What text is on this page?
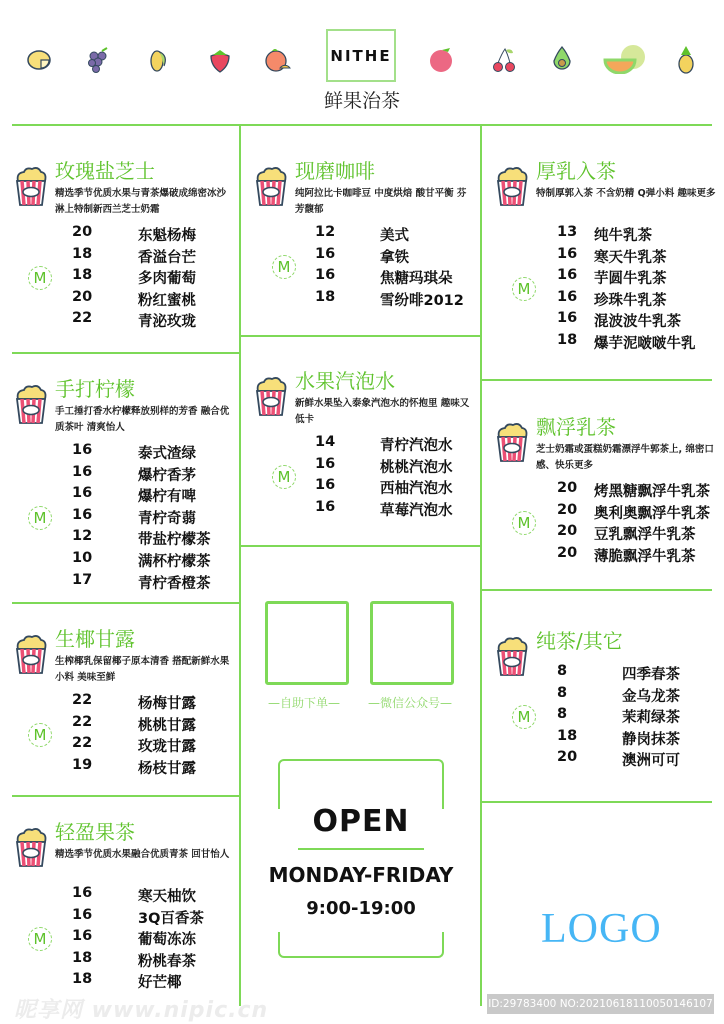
NITHE
鲜果治茶
玫瑰盐芝士
精选季节优质水果与青茶爆破成绵密冰沙 淋上特制新西兰芝士奶霜
20	东魁杨梅
18	香溢台芒
18	多肉葡萄
20	粉红蜜桃
22	青泌玫珑
M
手打柠檬
手工捶打香水柠檬释放别样的芳香 融合优质茶叶 清爽怡人
16	泰式渣绿
16	爆柠香茅
16	爆柠有啤
16	青柠奇蒻
12	带盐柠檬茶
10	满杯柠檬茶
17	青柠香橙茶
M
生椰甘露
生榨椰乳保留椰子原本清香 搭配新鲜水果小料 美味至鲜
22	杨梅甘露
22	桃桃甘露
22	玫珑甘露
19	杨枝甘露
M
轻盈果茶
精选季节优质水果融合优质青茶 回甘怡人
16	寒天柚饮
16	3Q百香茶
16	葡萄冻冻
18	粉桃春茶
18	好芒椰
M
现磨咖啡
纯阿拉比卡咖啡豆 中度烘焙 酸甘平衡 芬芳馥郁
12	美式
16	拿铁
16	焦糖玛琪朵
18	雪纷啡2012
M
水果汽泡水
新鲜水果坠入泰象汽泡水的怀抱里 趣味又低卡
14	青柠汽泡水
16	桃桃汽泡水
16	西柚汽泡水
16	草莓汽泡水
M
厚乳入茶
特制厚郭入茶 不含奶精 Q弹小料 趣味更多
13 纯牛乳茶
16 寒天牛乳茶
16 芋圆牛乳茶
16 珍珠牛乳茶
16 混波波牛乳茶
18 爆芋泥啵啵牛乳
M
飘浮乳茶
芝士奶霜或蛋糕奶霜漂浮牛郭茶上, 绵密口感、快乐更多
20 烤黑糖飘浮牛乳茶
20 奥利奥飘浮牛乳茶
20 豆乳飘浮牛乳茶
20 薄脆飘浮牛乳茶
M
纯茶/其它
8	四季春茶
8	金乌龙茶
8	茉莉绿茶
18	静岗抹茶
20	澳洲可可
M
—自助下单— —微信公众号—
OPEN
MONDAY-FRIDAY
9:00-19:00	LOGO
昵享网 www.nipic.cn	ID:29783400 NO:20210618110050146107
